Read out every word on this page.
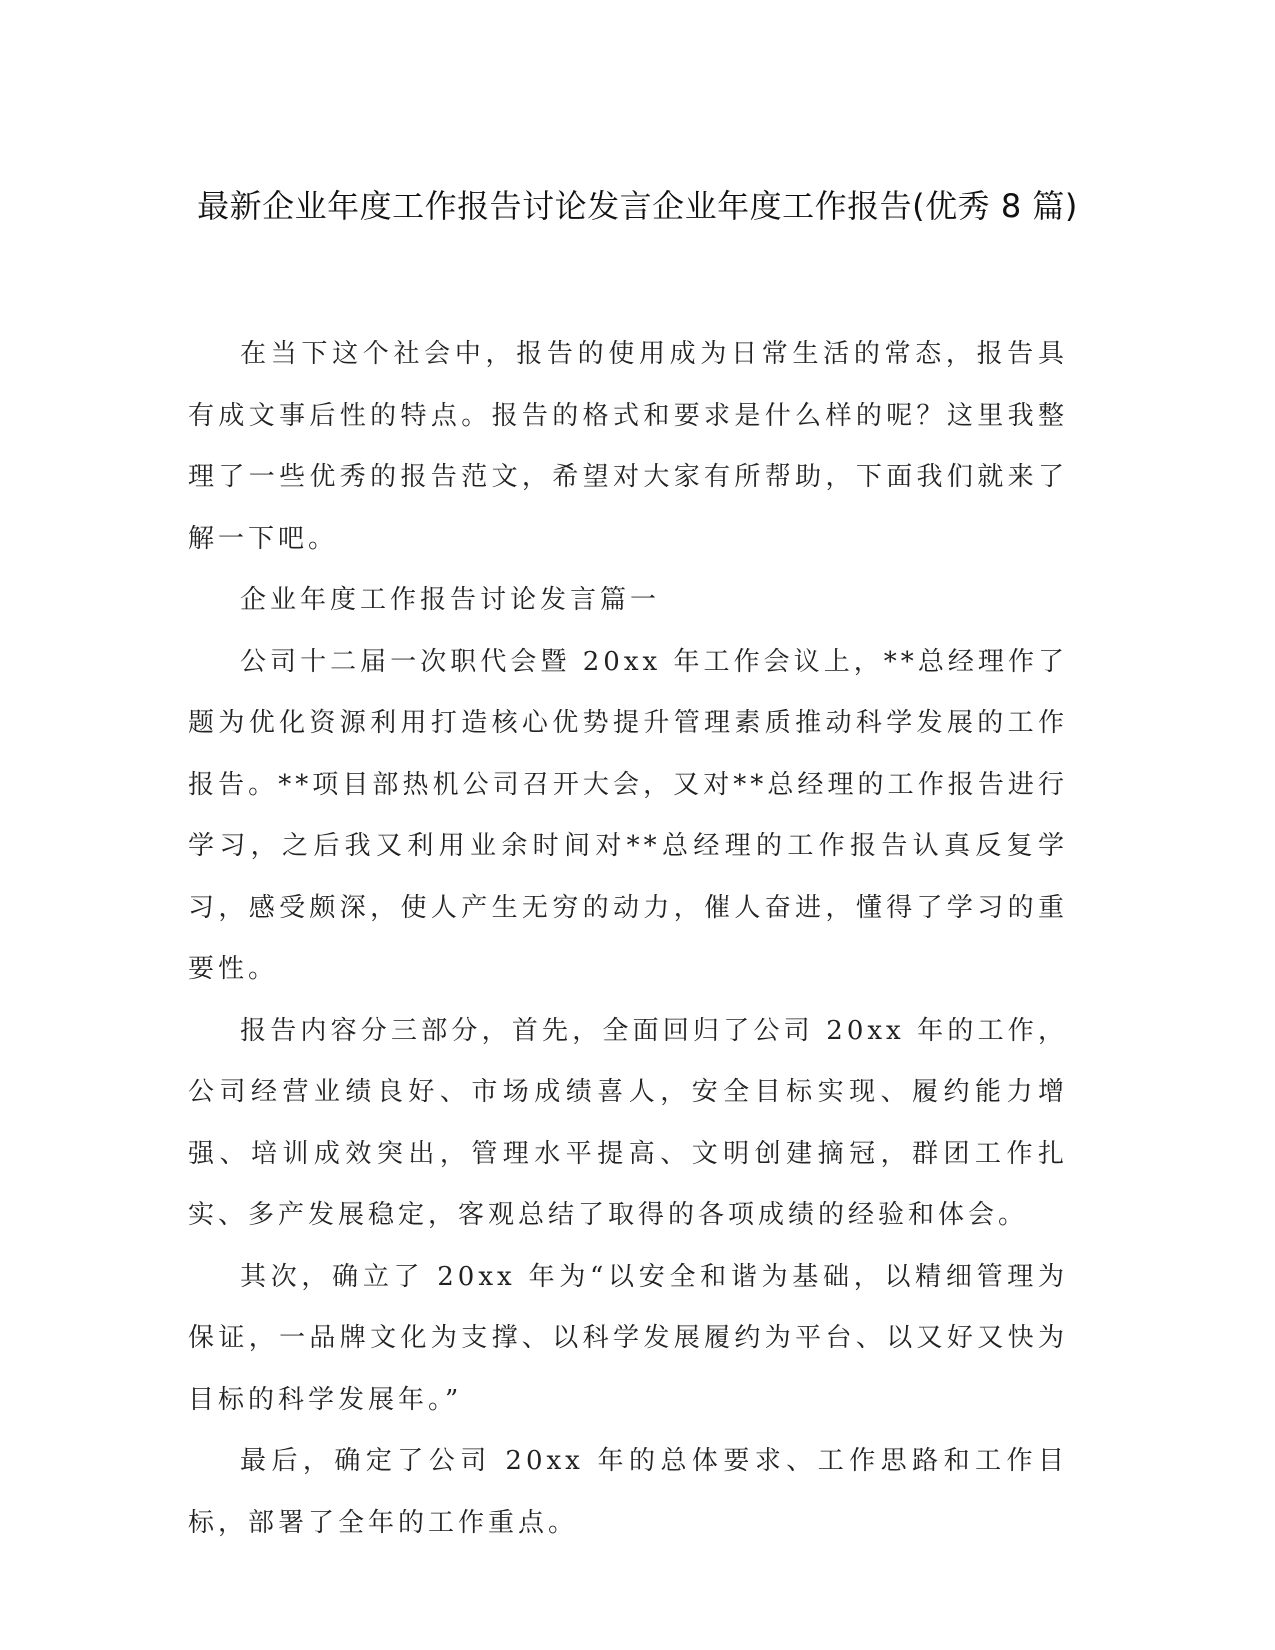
最新企业年度工作报告讨论发言企业年度工作报告(优秀 8 篇)

在当下这个社会中，报告的使用成为日常生活的常态，报告具有成文事后性的特点。报告的格式和要求是什么样的呢？这里我整理了一些优秀的报告范文，希望对大家有所帮助，下面我们就来了解一下吧。

企业年度工作报告讨论发言篇一

公司十二届一次职代会暨 20xx 年工作会议上，**总经理作了题为优化资源利用打造核心优势提升管理素质推动科学发展的工作报告。**项目部热机公司召开大会，又对**总经理的工作报告进行学习，之后我又利用业余时间对**总经理的工作报告认真反复学习，感受颇深，使人产生无穷的动力，催人奋进，懂得了学习的重要性。

报告内容分三部分，首先，全面回归了公司 20xx 年的工作，公司经营业绩良好、市场成绩喜人，安全目标实现、履约能力增强、培训成效突出，管理水平提高、文明创建摘冠，群团工作扎实、多产发展稳定，客观总结了取得的各项成绩的经验和体会。

其次，确立了 20xx 年为“以安全和谐为基础，以精细管理为保证，一品牌文化为支撑、以科学发展履约为平台、以又好又快为目标的科学发展年。”

最后，确定了公司 20xx 年的总体要求、工作思路和工作目标，部署了全年的工作重点。
